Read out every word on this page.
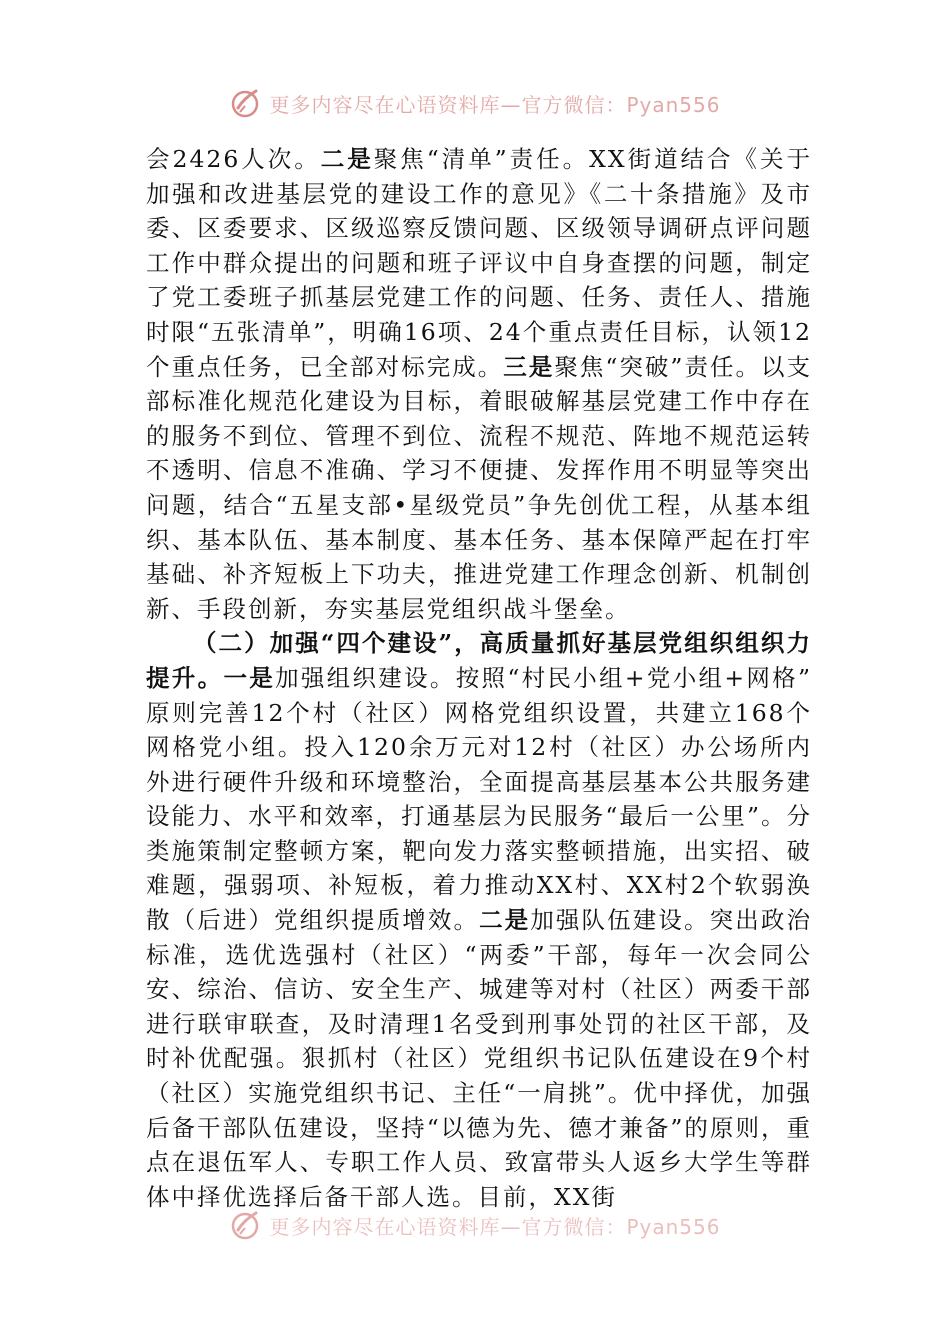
更多内容尽在心语资料库—官方微信：Pyan556

会2426人次。二是聚焦“清单”责任。XX街道结合《关于加强和改进基层党的建设工作的意见》《二十条措施》及市委、区委要求、区级巡察反馈问题、区级领导调研点评问题工作中群众提出的问题和班子评议中自身查摆的问题，制定了党工委班子抓基层党建工作的问题、任务、责任人、措施时限“五张清单”，明确16项、24个重点责任目标，认领12个重点任务，已全部对标完成。三是聚焦“突破”责任。以支部标准化规范化建设为目标，着眼破解基层党建工作中存在的服务不到位、管理不到位、流程不规范、阵地不规范运转不透明、信息不准确、学习不便捷、发挥作用不明显等突出问题，结合“五星支部•星级党员”争先创优工程，从基本组织、基本队伍、基本制度、基本任务、基本保障严起在打牢基础、补齐短板上下功夫，推进党建工作理念创新、机制创新、手段创新，夯实基层党组织战斗堡垒。

（二）加强“四个建设”，高质量抓好基层党组织组织力提升。一是加强组织建设。按照“村民小组+党小组+网格” 原则完善12个村（社区）网格党组织设置，共建立168个网格党小组。投入120余万元对12村（社区）办公场所内外进行硬件升级和环境整治，全面提高基层基本公共服务建设能力、水平和效率，打通基层为民服务“最后一公里”。分类施策制定整顿方案，靶向发力落实整顿措施，出实招、破难题，强弱项、补短板，着力推动XX村、XX村2个软弱涣散（后进）党组织提质增效。二是加强队伍建设。突出政治标准，选优选强村（社区）“两委”干部，每年一次会同公安、综治、信访、安全生产、城建等对村（社区）两委干部进行联审联查，及时清理1名受到刑事处罚的社区干部，及时补优配强。狠抓村（社区）党组织书记队伍建设在9个村（社区）实施党组织书记、主任“一肩挑”。优中择优，加强后备干部队伍建设，坚持“以德为先、德才兼备”的原则，重点在退伍军人、专职工作人员、致富带头人返乡大学生等群体中择优选择后备干部人选。目前，XX街

更多内容尽在心语资料库—官方微信：Pyan556
